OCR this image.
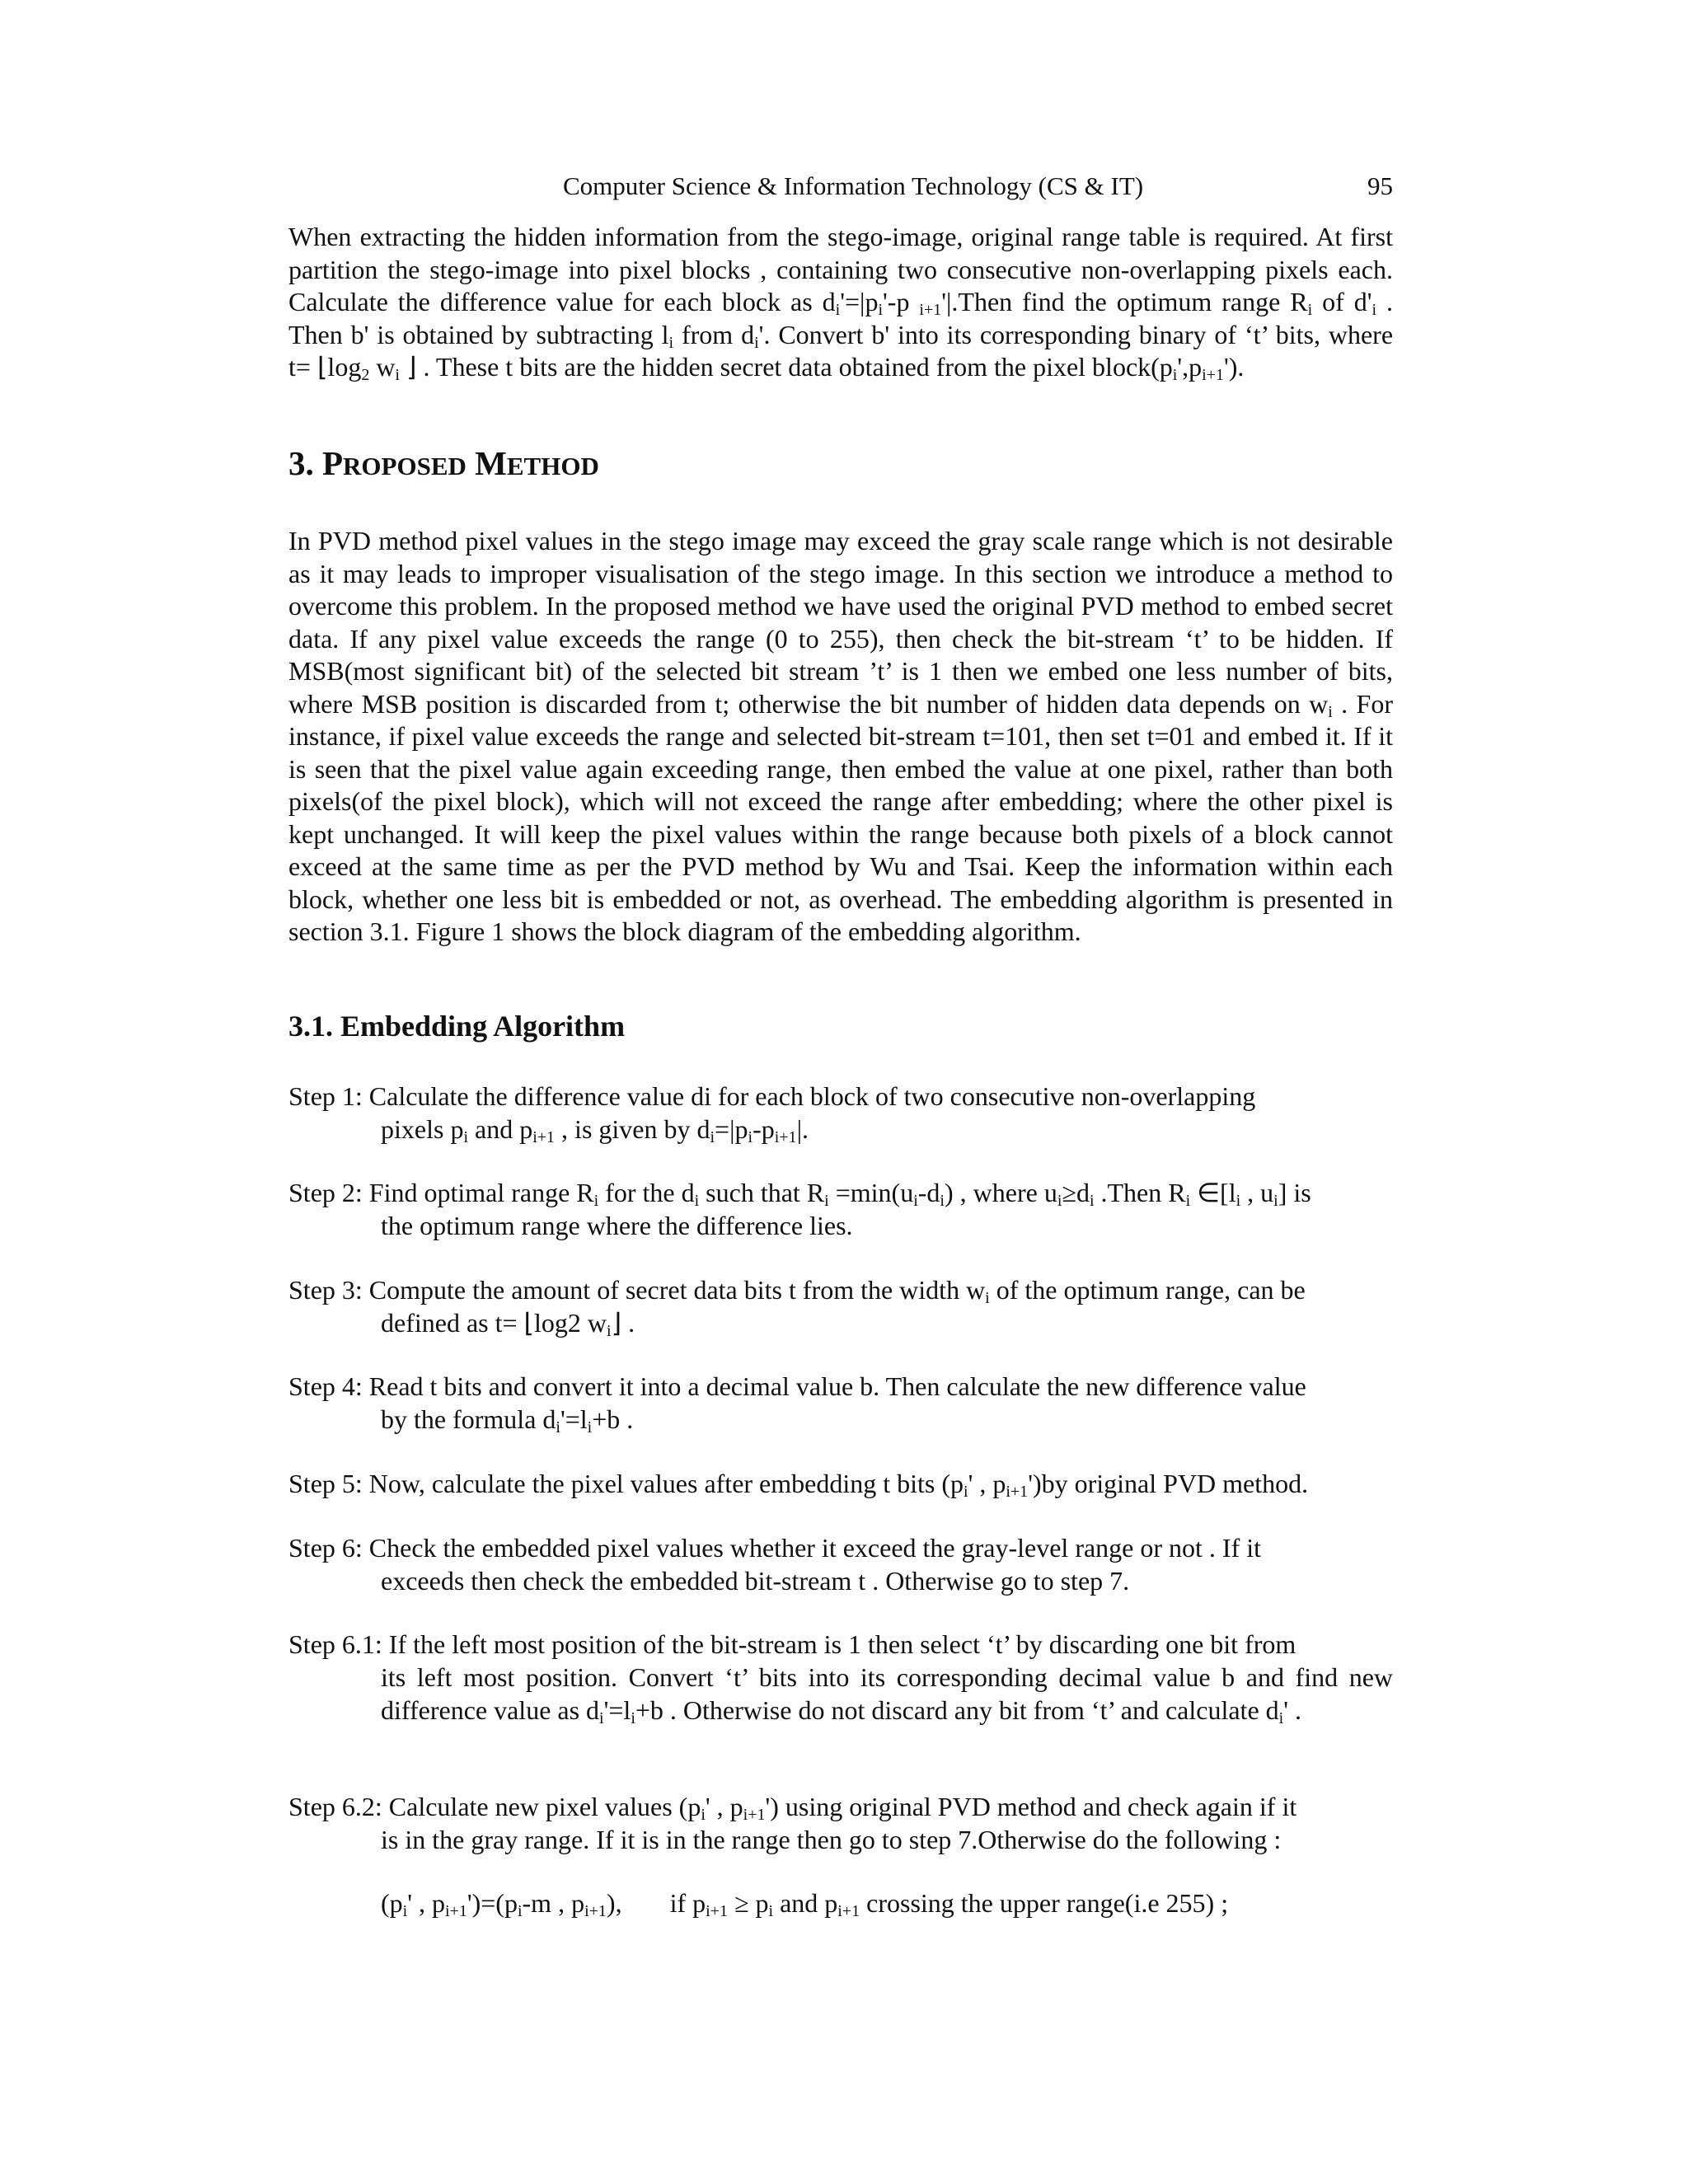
Computer Science & Information Technology (CS & IT)	95

When extracting the hidden information from the stego-image, original range table is required. At first partition the stego-image into pixel blocks , containing two consecutive non-overlapping pixels each. Calculate the difference value for each block as $d_i'=|p_i'-p$ $_{i+1}$'|.Then find the optimum range $R_i$ of $d'_i$ . Then b' is obtained by subtracting $l_i$ from $d_i'$. Convert b' into its corresponding binary of ‘t’ bits, where $t= ⌊\log_2$ $w_i$ ⌋ . These t bits are the hidden secret data obtained from the pixel $block(p_i',p_{i+1}')$.

3. PROPOSED METHOD

In PVD method pixel values in the stego image may exceed the gray scale range which is not desirable as it may leads to improper visualisation of the stego image. In this section we introduce a method to overcome this problem. In the proposed method we have used the original PVD method to embed secret data. If any pixel value exceeds the range (0 to 255), then check the bit-stream ‘t’ to be hidden. If MSB(most significant bit) of the selected bit stream ’t’ is 1 then we embed one less number of bits, where MSB position is discarded from t; otherwise the bit number of hidden data depends on $w_i$ . For instance, if pixel value exceeds the range and selected bit-stream t=101, then set t=01 and embed it. If it is seen that the pixel value again exceeding range, then embed the value at one pixel, rather than both pixels(of the pixel block), which will not exceed the range after embedding; where the other pixel is kept unchanged. It will keep the pixel values within the range because both pixels of a block cannot exceed at the same time as per the PVD method by Wu and Tsai. Keep the information within each block, whether one less bit is embedded or not, as overhead. The embedding algorithm is presented in section 3.1. Figure 1 shows the block diagram of the embedding algorithm.

3.1. Embedding Algorithm

Step 1: Calculate the difference value di for each block of two consecutive non-overlapping
pixels $p_i$ and $p_{i+1}$ , is given by $d_i=|p_i-p_{i+1}|$.

Step 2: Find optimal range $R_i$ for the $d_i$ such that $R_i =\min(u_i-d_i)$ , where $u_i\ge d_i$ .Then $R_i$ $\in[l_i$ , $u_i$] is
the optimum range where the difference lies.

Step 3: Compute the amount of secret data bits t from the width $w_i$ of the optimum range, can be
defined as t= ⌊log2 $w_i⌋$ .

Step 4: Read t bits and convert it into a decimal value b. Then calculate the new difference value
by the formula $d_i'=l_i+b$ .

Step 5: Now, calculate the pixel values after embedding t bits ($p_i'$ , $p_{i+1}')by$ original PVD method.

Step 6: Check the embedded pixel values whether it exceed the gray-level range or not . If it
exceeds then check the embedded bit-stream t . Otherwise go to step 7.

Step 6.1: If the left most position of the bit-stream is 1 then select ‘t’ by discarding one bit from
its left most position. Convert ‘t’ bits into its corresponding decimal value b and find new difference value as $d_i'=l_i+b$ . Otherwise do not discard any bit from ‘t’ and calculate $d_i'$ .

Step 6.2: Calculate new pixel values ($p_i'$ , $p_{i+1}'$) using original PVD method and check again if it
is in the gray range. If it is in the range then go to step 7.Otherwise do the following :

($p_i'$ , $p_{i+1}')=(p_i-m$ , $p_{i+1}$), if $p_{i+1} \ge p_i$ and $p_{i+1}$ crossing the upper range(i.e 255) ;
